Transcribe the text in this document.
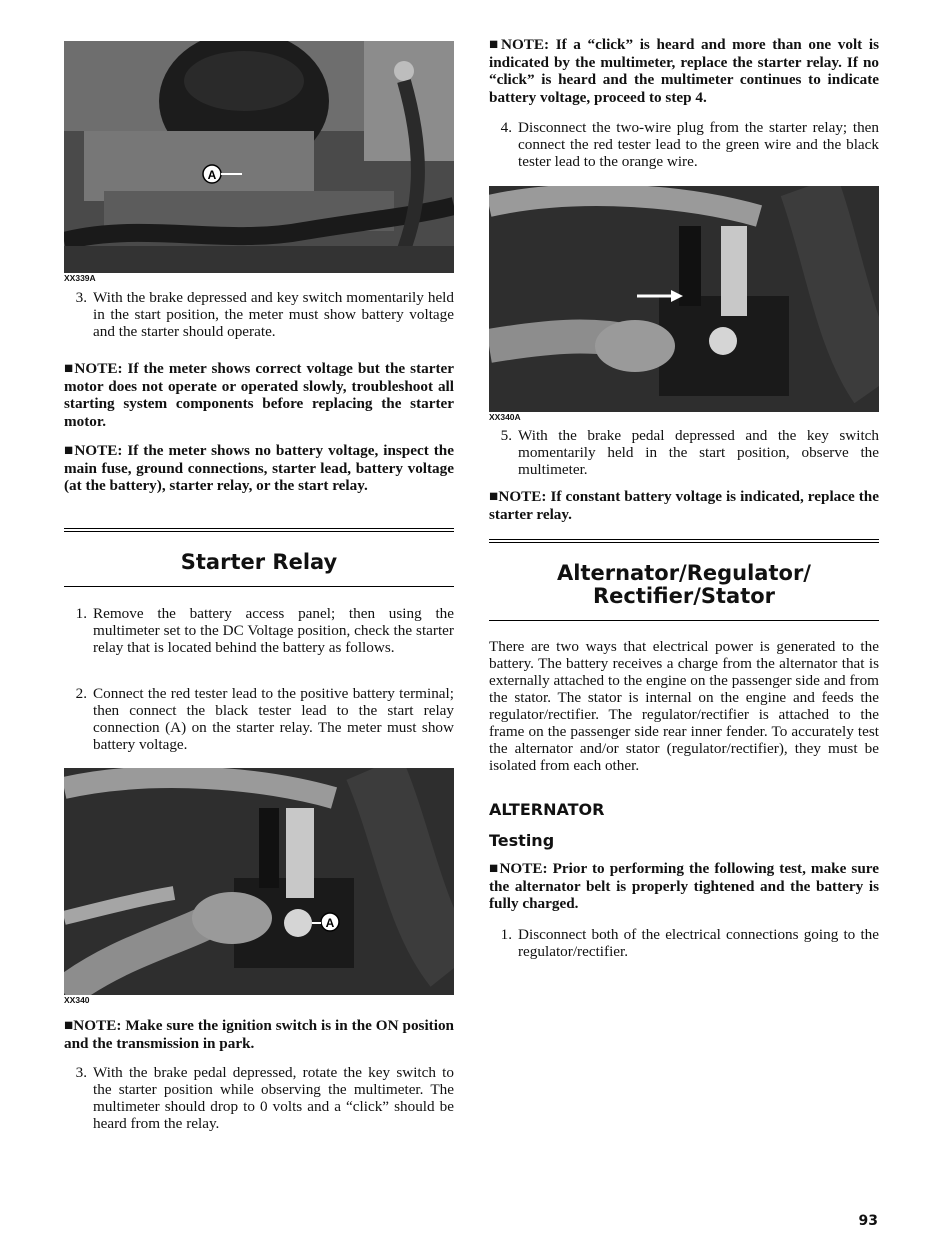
A
XX339A
3. With the brake depressed and key switch momentarily held in the start position, the meter must show battery voltage and the starter should operate.

■NOTE: If the meter shows correct voltage but the starter motor does not operate or operated slowly, troubleshoot all starting system components before replacing the starter motor.

■NOTE: If the meter shows no battery voltage, inspect the main fuse, ground connections, starter lead, battery voltage (at the battery), starter relay, or the start relay.

Starter Relay
1. Remove the battery access panel; then using the multimeter set to the DC Voltage position, check the starter relay that is located behind the battery as follows.
2. Connect the red tester lead to the positive battery terminal; then connect the black tester lead to the start relay connection (A) on the starter relay. The meter must show battery voltage.
A
XX340

■NOTE: Make sure the ignition switch is in the ON position and the transmission in park.

3. With the brake pedal depressed, rotate the key switch to the starter position while observing the multimeter. The multimeter should drop to 0 volts and a “click” should be heard from the relay.

■NOTE: If a “click” is heard and more than one volt is indicated by the multimeter, replace the starter relay. If no “click” is heard and the multimeter continues to indicate battery voltage, proceed to step 4.

4. Disconnect the two-wire plug from the starter relay; then connect the red tester lead to the green wire and the black tester lead to the orange wire.
XX340A
5. With the brake pedal depressed and the key switch momentarily held in the start position, observe the multimeter.

■NOTE: If constant battery voltage is indicated, replace the starter relay.

Alternator/Regulator/
Rectifier/Stator

There are two ways that electrical power is generated to the battery. The battery receives a charge from the alternator that is externally attached to the engine on the passenger side and from the stator. The stator is internal on the engine and feeds the regulator/rectifier. The regulator/rectifier is attached to the frame on the passenger side rear inner fender. To accurately test the alternator and/or stator (regulator/rectifier), they must be isolated from each other.

ALTERNATOR
Testing

■NOTE: Prior to performing the following test, make sure the alternator belt is properly tightened and the battery is fully charged.

1. Disconnect both of the electrical connections going to the regulator/rectifier.
93
